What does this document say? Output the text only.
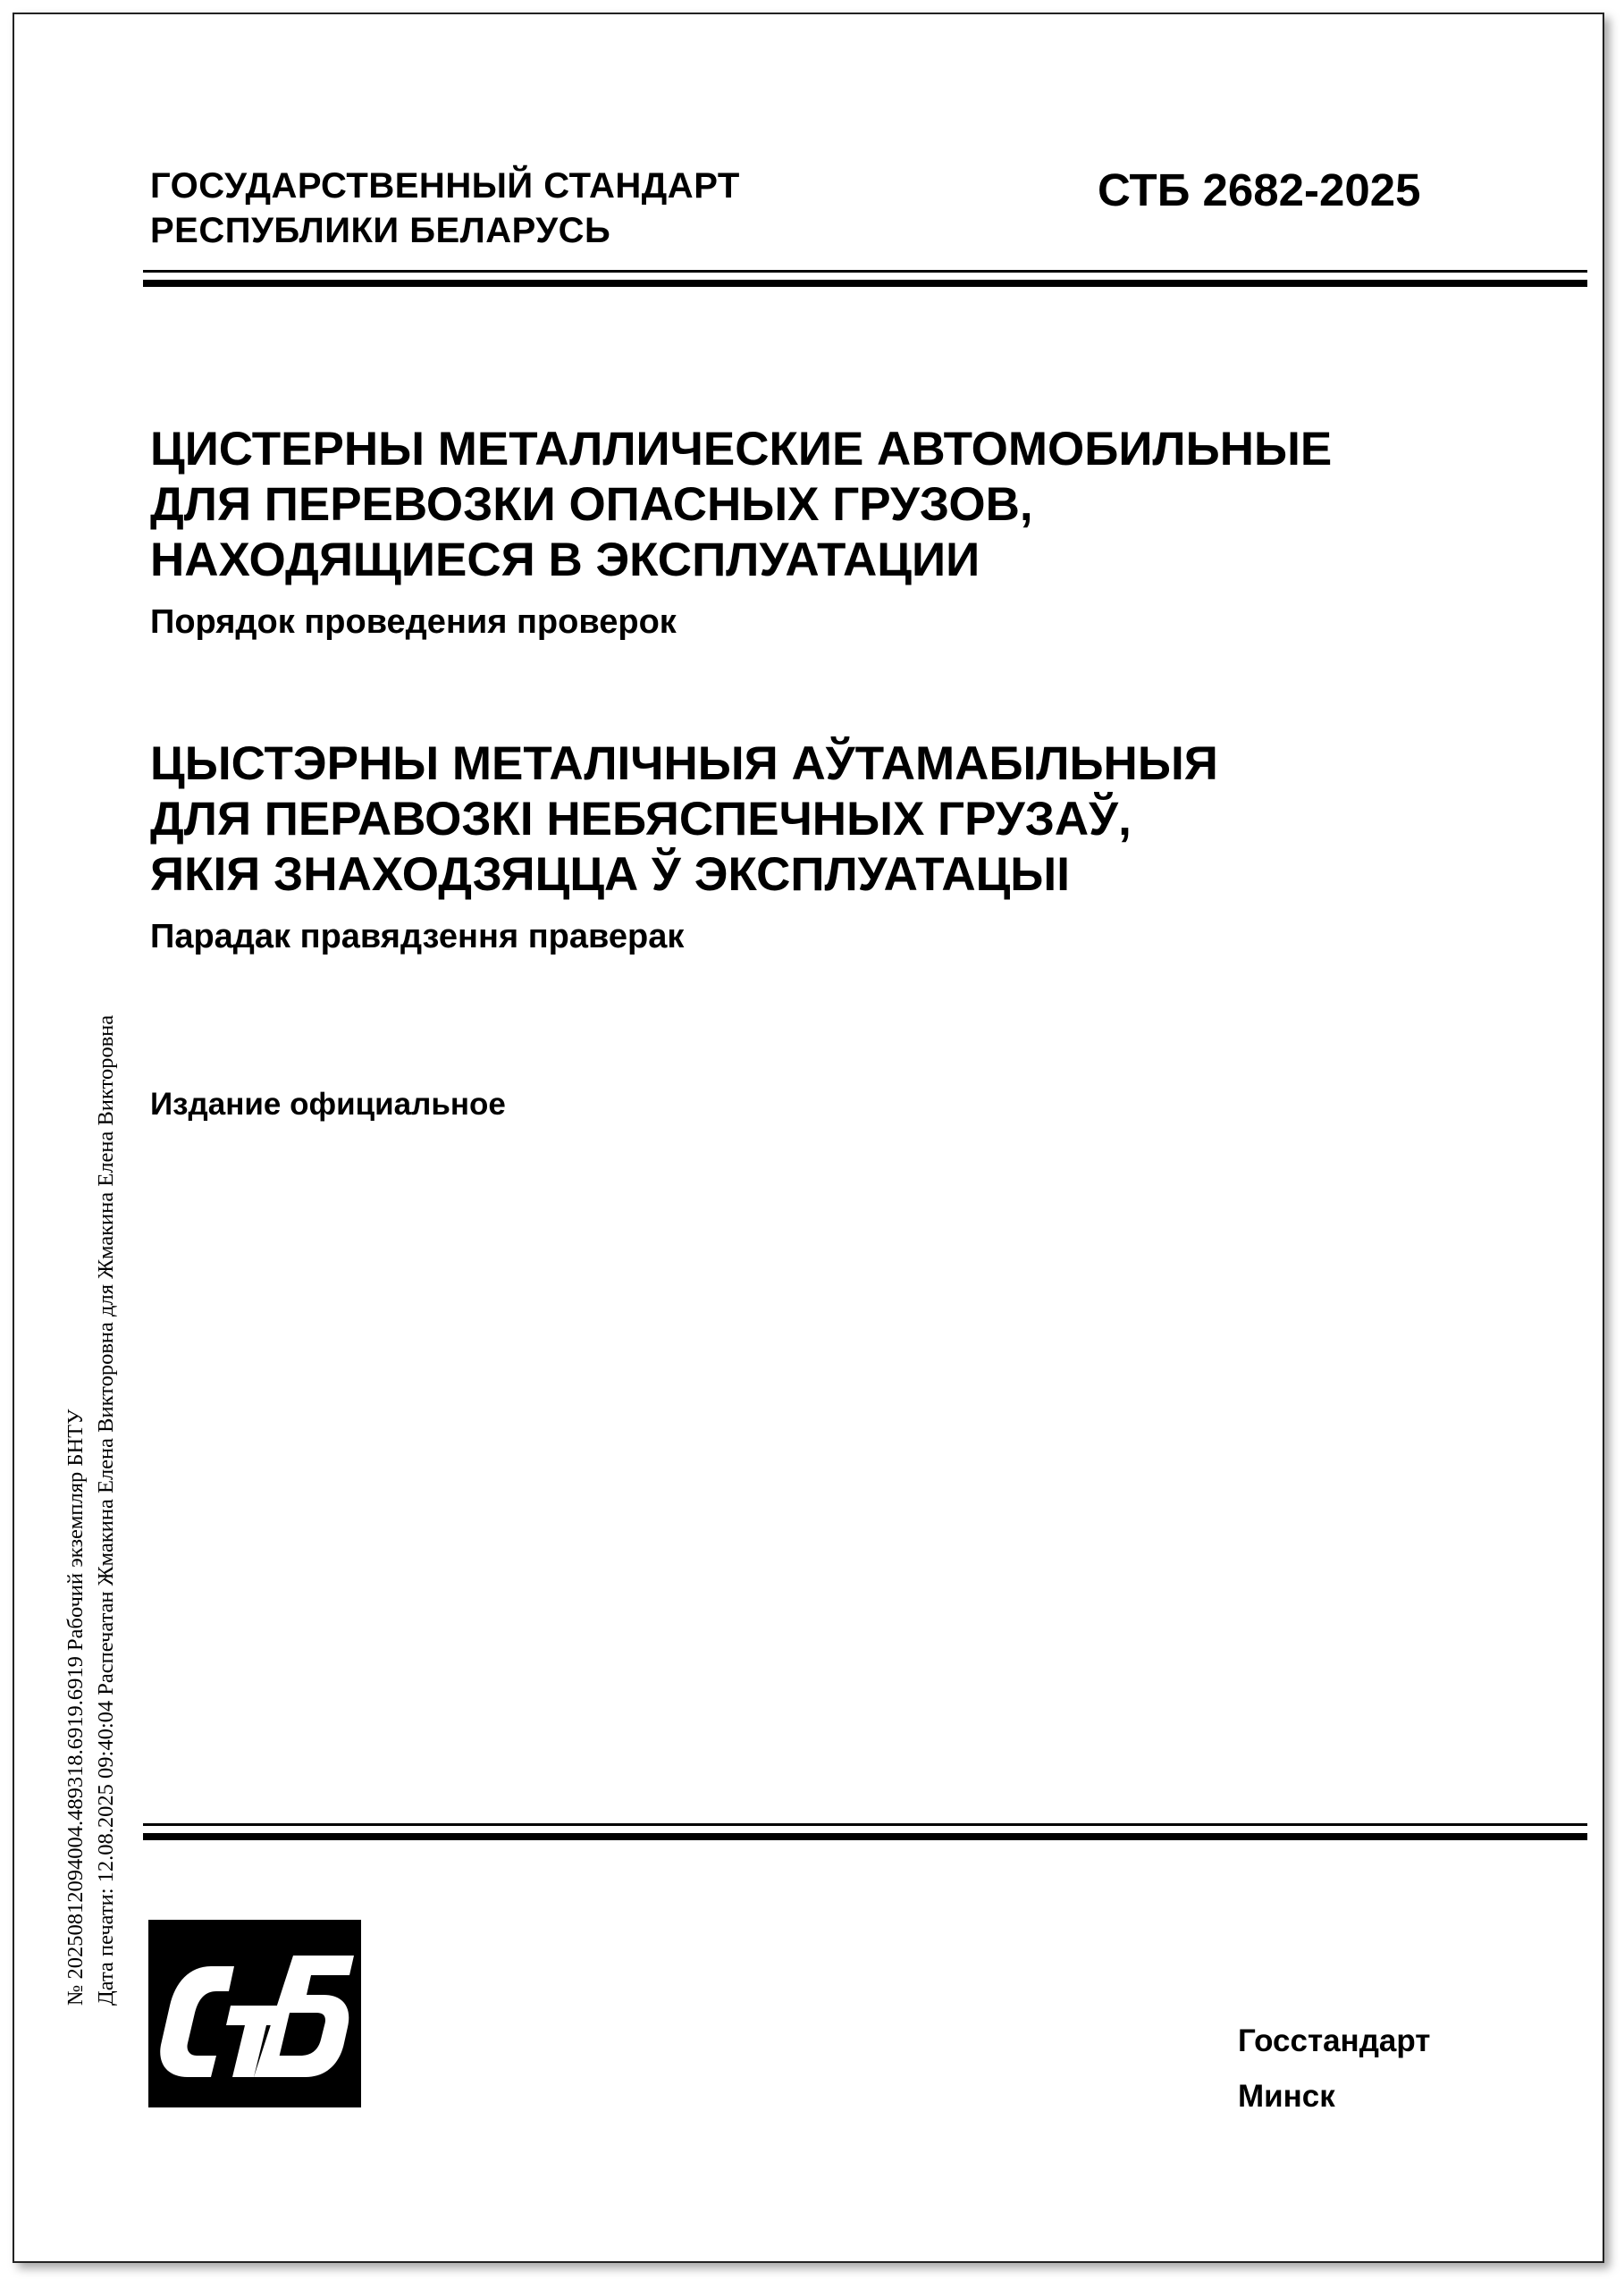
ГОСУДАРСТВЕННЫЙ СТАНДАРТ
РЕСПУБЛИКИ БЕЛАРУСЬ
СТБ 2682-2025
ЦИСТЕРНЫ МЕТАЛЛИЧЕСКИЕ АВТОМОБИЛЬНЫЕ
ДЛЯ ПЕРЕВОЗКИ ОПАСНЫХ ГРУЗОВ,
НАХОДЯЩИЕСЯ В ЭКСПЛУАТАЦИИ
Порядок проведения проверок
ЦЫСТЭРНЫ МЕТАЛІЧНЫЯ АЎТАМАБІЛЬНЫЯ
ДЛЯ ПЕРАВОЗКІ НЕБЯСПЕЧНЫХ ГРУЗАЎ,
ЯКІЯ ЗНАХОДЗЯЦЦА Ў ЭКСПЛУАТАЦЫІ
Парадак правядзення праверак
Издание официальное
№ 20250812094004.489318.6919.6919 Рабочий экземпляр БНТУ Дата печати: 12.08.2025 09:40:04 Распечатан Жмакина Елена Викторовна для Жмакина Елена Викторовна
Госстандарт
Минск
